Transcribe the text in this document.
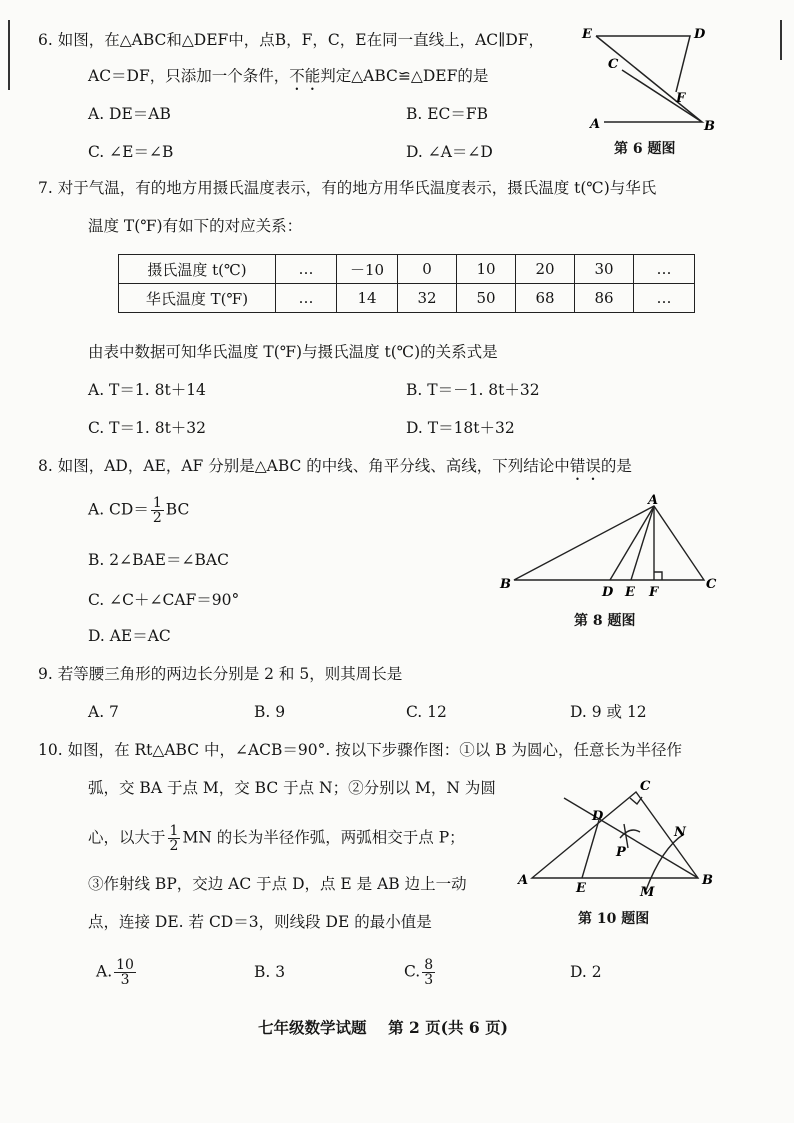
6. 如图，在△ABC和△DEF中，点B，F，C，E在同一直线上，AC∥DF，
AC＝DF，只添加一个条件，不能判定△ABC≌△DEF的是
A. DE＝AB	B. EC＝FB
C. ∠E＝∠B	D. ∠A＝∠D
E	D
C
F
A	B
第 6 题图
7. 对于气温，有的地方用摄氏温度表示，有的地方用华氏温度表示，摄氏温度 t(℃)与华氏
温度 T(℉)有如下的对应关系：
摄氏温度 t(℃)	…	－10	0	10	20	30	…
华氏温度 T(℉)	…	14	32	50	68	86	…
由表中数据可知华氏温度 T(℉)与摄氏温度 t(℃)的关系式是
A. T＝1. 8t＋14	B. T＝－1. 8t＋32
C. T＝1. 8t＋32	D. T＝18t＋32
8. 如图，AD，AE，AF 分别是△ABC 的中线、角平分线、高线，下列结论中错误的是
A. $CD= \frac{1}{2}$ BC
B. 2∠BAE＝∠BAC
C. ∠C＋∠CAF＝90°
D. AE＝AC
A
B
D E F
C
第 8 题图
9. 若等腰三角形的两边长分别是 2 和 5，则其周长是
A. 7	B. 9	C. 12	D. 9 或 12
10. 如图，在 Rt△ABC 中，∠ACB＝90°. 按以下步骤作图：①以 B 为圆心，任意长为半径作
弧，交 BA 于点 M，交 BC 于点 N；②分别以 M，N 为圆
心，以大于 $\frac{1}{2}$ MN 的长为半径作弧，两弧相交于点 P；
③作射线 BP，交边 AC 于点 D，点 E 是 AB 边上一动
点，连接 DE. 若 CD＝3，则线段 DE 的最小值是
A. $\frac{10}{3}$	B. 3	C. $\frac{8}{3}$	D. 2
C
D
N
P
A
E	M
B
第 10 题图
七年级数学试题    第 2 页(共 6 页)
